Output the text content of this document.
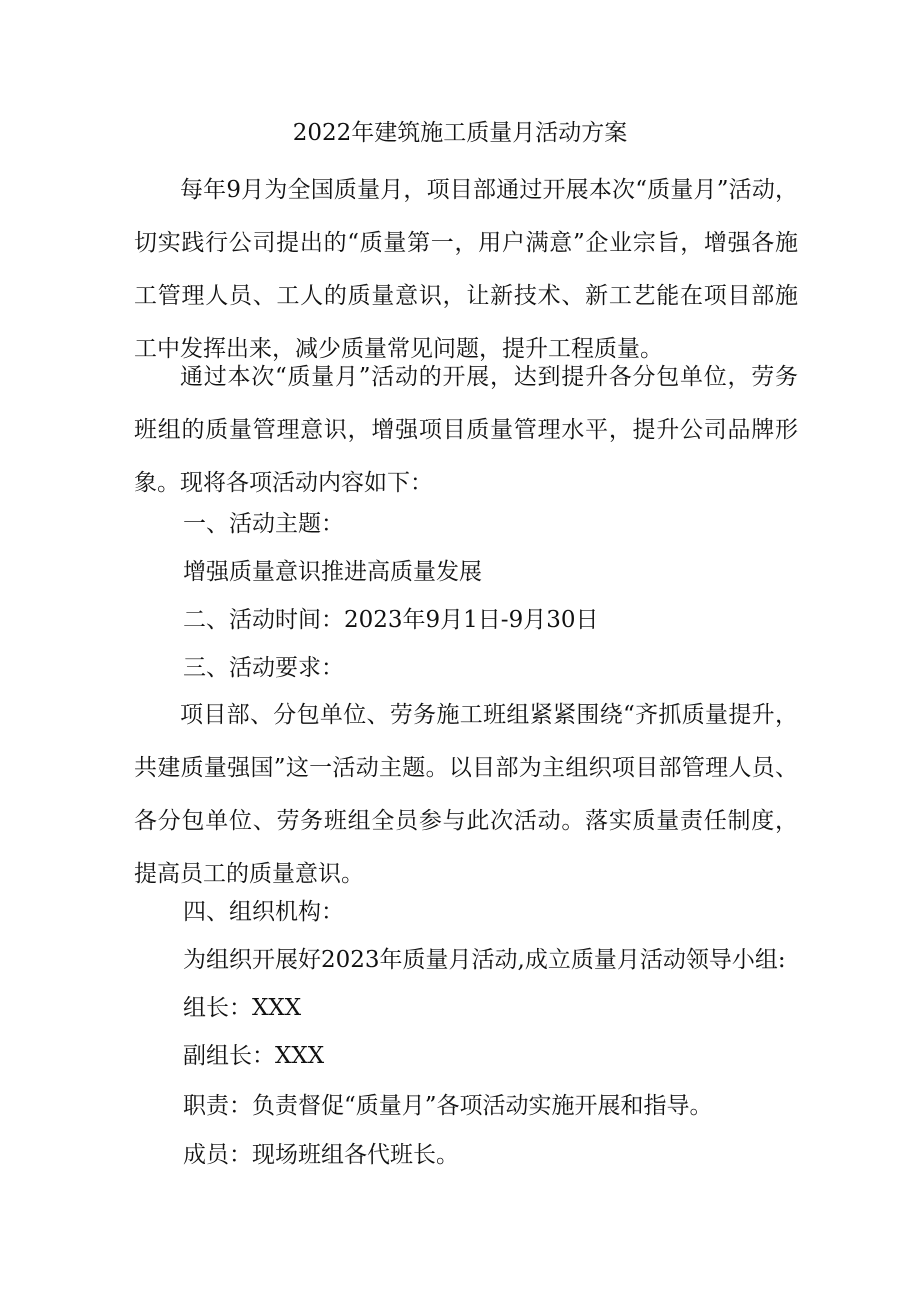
2022年建筑施工质量月活动方案

每年9月为全国质量月，项目部通过开展本次“质量月”活动，切实践行公司提出的“质量第一，用户满意”企业宗旨，增强各施工管理人员、工人的质量意识，让新技术、新工艺能在项目部施工中发挥出来，减少质量常见问题，提升工程质量。

通过本次“质量月”活动的开展，达到提升各分包单位，劳务班组的质量管理意识，增强项目质量管理水平，提升公司品牌形象。现将各项活动内容如下：

一、活动主题：
增强质量意识推进高质量发展
二、活动时间：2023年9月1日-9月30日
三、活动要求：

项目部、分包单位、劳务施工班组紧紧围绕“齐抓质量提升，共建质量强国”这一活动主题。以目部为主组织项目部管理人员、各分包单位、劳务班组全员参与此次活动。落实质量责任制度，提高员工的质量意识。

四、组织机构：
为组织开展好2023年质量月活动,成立质量月活动领导小组:
组长：XXX
副组长：XXX
职责：负责督促“质量月”各项活动实施开展和指导。
成员：现场班组各代班长。
